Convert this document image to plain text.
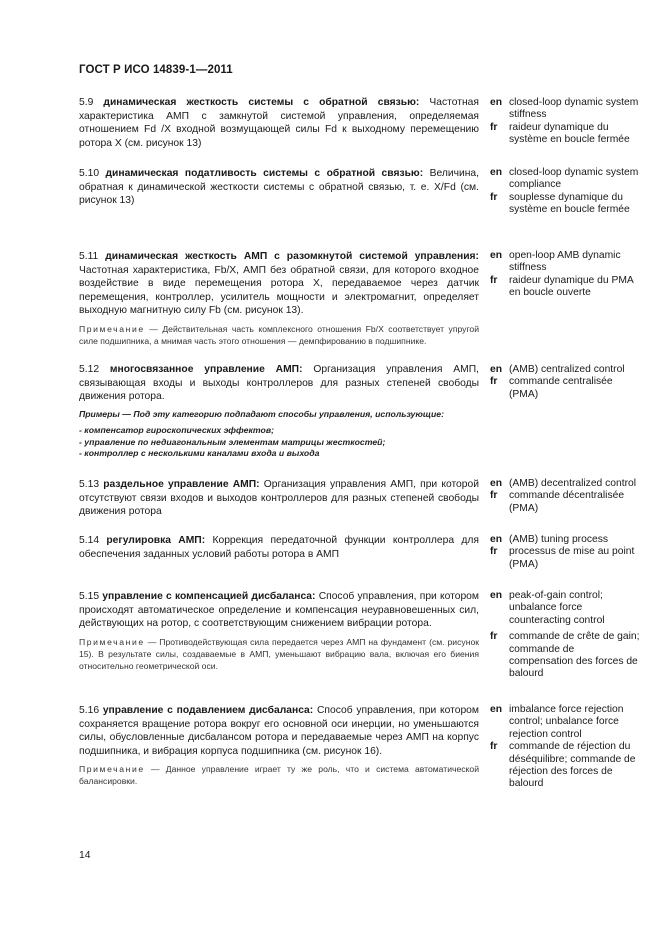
ГОСТ Р ИСО 14839-1—2011

5.9 динамическая жесткость системы с обратной связью: Частотная характеристика АМП с замкнутой системой управления, определяемая отношением Fd /X входной возмущающей силы Fd к выходному перемещению ротора X (см. рисунок 13)

en closed-loop dynamic system stiffness
fr	raideur dynamique du système en boucle fermée

5.10 динамическая податливость системы с обратной связью: Величина, обратная к динамической жесткости системы с обратной связью, т. е. X/Fd (см. рисунок 13)

en closed-loop dynamic system compliance
fr	souplesse dynamique du système en boucle fermée

5.11 динамическая жесткость АМП с разомкнутой системой управления: Частотная характеристика, Fb/X, АМП без обратной связи, для которого входное воздействие в виде перемещения ротора X, передаваемое через датчик перемещения, контроллер, усилитель мощности и электромагнит, определяет выходную магнитную силу Fb (см. рисунок 13).

Примечание — Действительная часть комплексного отношения Fb/X соответствует упругой силе подшипника, а мнимая часть этого отношения — демпфированию в подшипнике.

en open-loop AMB dynamic stiffness
fr	raideur dynamique du PMA en boucle ouverte

5.12 многосвязанное управление АМП: Организация управления АМП, связывающая входы и выходы контроллеров для разных степеней свободы движения ротора.

Примеры — Под эту категорию подпадают способы управления, использующие:

- компенсатор гироскопических эффектов;
- управление по недиагональным элементам матрицы жесткостей;
- контроллер с несколькими каналами входа и выхода
en (AMB) centralized control
fr	commande centralisée (PMA)

5.13 раздельное управление АМП: Организация управления АМП, при которой отсутствуют связи входов и выходов контроллеров для разных степеней свободы движения ротора

en (AMB) decentralized control
fr	commande décentralisée (PMA)

5.14 регулировка АМП: Коррекция передаточной функции контроллера для обеспечения заданных условий работы ротора в АМП

en (AMB) tuning process
fr	processus de mise au point (PMA)

5.15 управление с компенсацией дисбаланса: Способ управления, при котором происходят автоматическое определение и компенсация неуравновешенных сил, действующих на ротор, с соответствующим снижением вибрации ротора.

Примечание — Противодействующая сила передается через АМП на фундамент (см. рисунок 15). В результате силы, создаваемые в АМП, уменьшают вибрацию вала, включая его биения относительно геометрической оси.

en peak-of-gain control; unbalance force counteracting control
fr	commande de crête de gain; commande de compensation des forces de balourd

5.16 управление с подавлением дисбаланса: Способ управления, при котором сохраняется вращение ротора вокруг его основной оси инерции, но уменьшаются силы, обусловленные дисбалансом ротора и передаваемые через АМП на корпус подшипника, и вибрация корпуса подшипника (см. рисунок 16).

Примечание — Данное управление играет ту же роль, что и система автоматической балансировки.

en imbalance force rejection control; unbalance force rejection control
fr	commande de réjection du déséquilibre; commande de réjection des forces de balourd
14
